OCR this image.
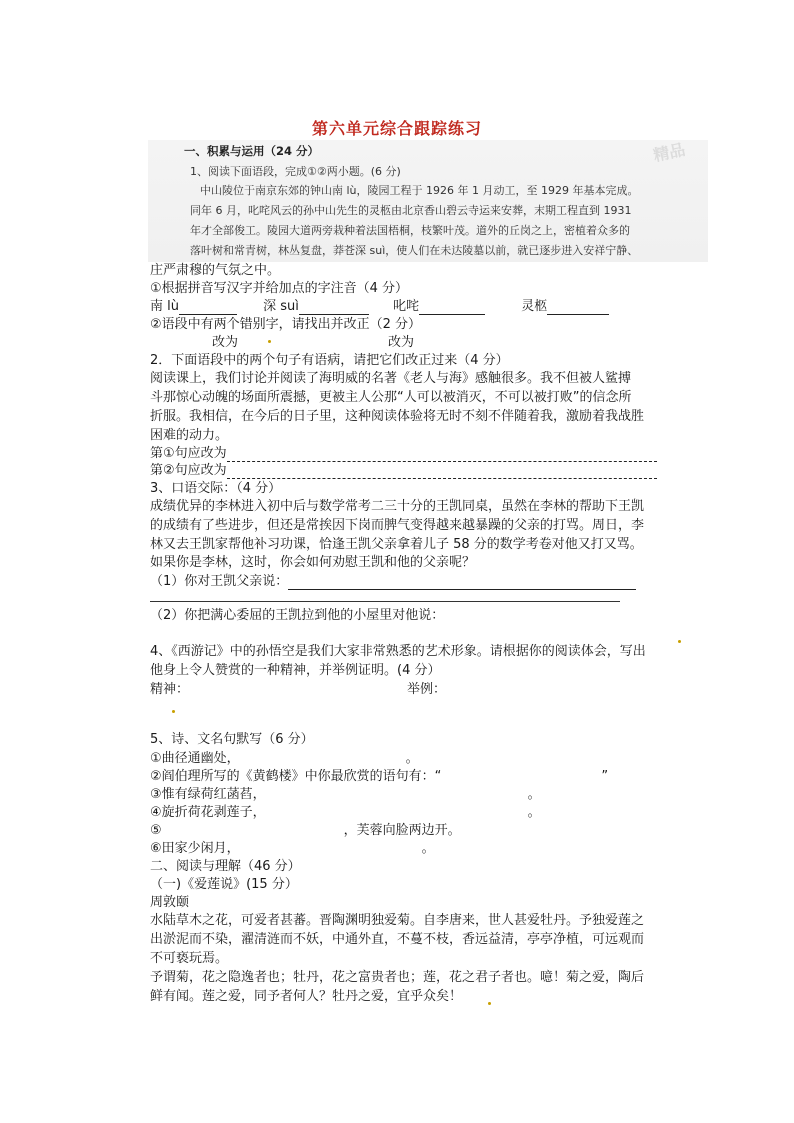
第六单元综合跟踪练习
精品
一、积累与运用（24 分）
1、阅读下面语段，完成①②两小题。(6 分)
中山陵位于南京东郊的钟山南 lù，陵园工程于 1926 年 1 月动工，至 1929 年基本完成。
同年 6 月，叱咤风云的孙中山先生的灵柩由北京香山碧云寺运来安葬，末期工程直到 1931
年才全部俊工。陵园大道两旁栽种着法国梧桐，枝繁叶茂。道外的丘岗之上，密植着众多的
落叶树和常青树，林丛复盘，莽苍深 suì，使人们在未达陵墓以前，就已逐步进入安祥宁静、
庄严肃穆的气氛之中。
①根据拼音写汉字并给加点的字注音（4 分）
南 lù	深 suì	叱咤	灵柩
②语段中有两个错别字，请找出并改正（2 分）
改为	改为
2．下面语段中的两个句子有语病，请把它们改正过来（4 分）
阅读课上，我们讨论并阅读了海明威的名著《老人与海》感触很多。我不但被人鲨搏
斗那惊心动魄的场面所震撼，更被主人公那“人可以被消灭，不可以被打败”的信念所
折服。我相信，在今后的日子里，这种阅读体验将无时不刻不伴随着我，激励着我战胜
困难的动力。
第①句应改为
第②句应改为
3、口语交际：（4 分）
成绩优异的李林进入初中后与数学常考二三十分的王凯同桌，虽然在李林的帮助下王凯
的成绩有了些进步，但还是常挨因下岗而脾气变得越来越暴躁的父亲的打骂。周日，李
林又去王凯家帮他补习功课，恰逢王凯父亲拿着儿子 58 分的数学考卷对他又打又骂。
如果你是李林，这时，你会如何劝慰王凯和他的父亲呢？
（1）你对王凯父亲说：
（2）你把满心委屈的王凯拉到他的小屋里对他说：
4、《西游记》中的孙悟空是我们大家非常熟悉的艺术形象。请根据你的阅读体会，写出
他身上令人赞赏的一种精神，并举例证明。(4 分）
精神：	举例：
5、诗、文名句默写（6 分）
①曲径通幽处，	。
②阎伯理所写的《黄鹤楼》中你最欣赏的语句有：“	”
③惟有绿荷红菡萏，	。
④旋折荷花剥莲子，	。
⑤	，芙蓉向脸两边开。
⑥田家少闲月，	。
二、阅读与理解（46 分）
（一)《爱莲说》(15 分）
周敦颐
水陆草木之花，可爱者甚蕃。晋陶渊明独爱菊。自李唐来，世人甚爱牡丹。予独爱莲之
出淤泥而不染，濯清涟而不妖，中通外直，不蔓不枝，香远益清，亭亭净植，可远观而
不可亵玩焉。
予谓菊，花之隐逸者也；牡丹，花之富贵者也；莲，花之君子者也。噫！菊之爱，陶后
鲜有闻。莲之爱，同予者何人？牡丹之爱，宜乎众矣！
